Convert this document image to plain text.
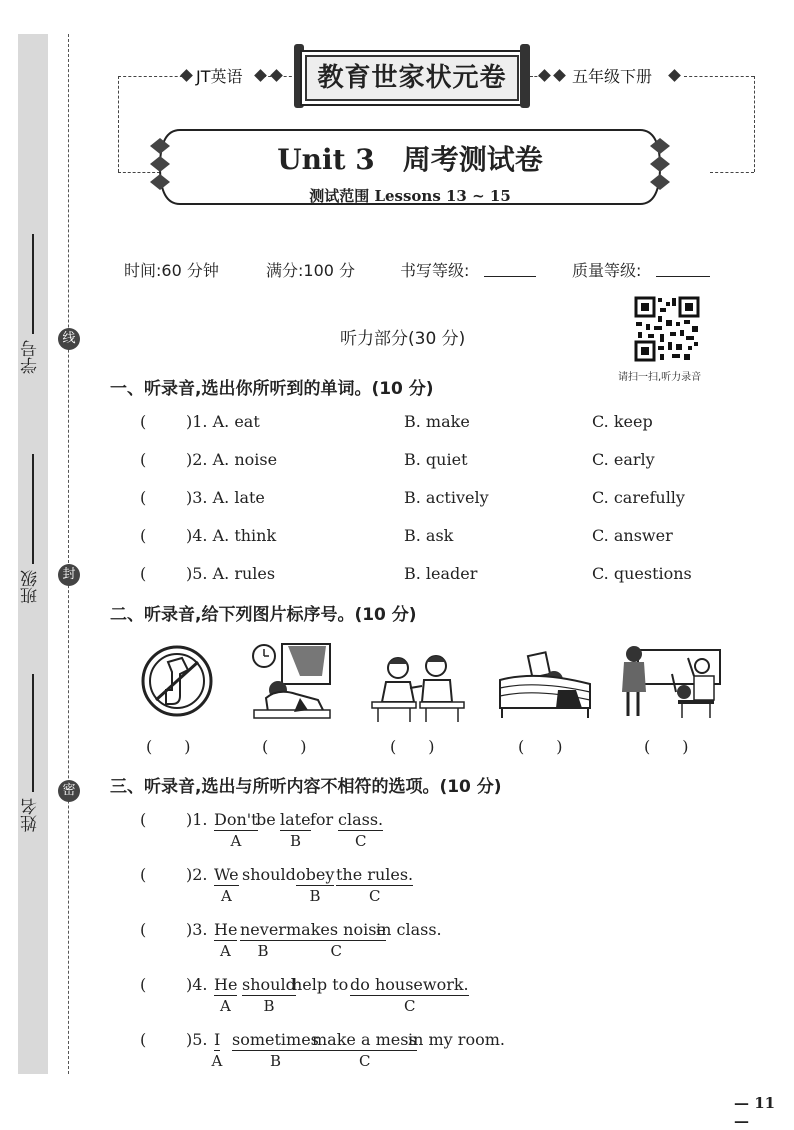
学号
班级
姓名
线
封
密
JT英语	教育世家状元卷	五年级下册
Unit 3　周考测试卷
测试范围 Lessons 13 ~ 15
时间:60 分钟	满分:100 分	书写等级:	质量等级:
听力部分(30 分)
请扫一扫,听力录音
一、听录音,选出你所听到的单词。(10 分)
( )1. A. eat	B. make	C. keep
( )2. A. noise	B. quiet	C. early
( )3. A. late	B. actively	C. carefully
( )4. A. think	B. ask	C. answer
( )5. A. rules	B. leader	C. questions
二、听录音,给下列图片标序号。(10 分)
(　　)	(　　)	(　　)	(　　)	(　　)
三、听录音,选出与所听内容不相符的选项。(10 分)
( )1. Don't
be late for class.
A	B	C
( )2. We should obey the rules.
A	B	C
( )3. He never makes noise
in class.
A B	C
( )4. He should
help to do housework.
A B	C
( )5. I sometimes
make a mess
in my room.
A	B	C
— 11 —
